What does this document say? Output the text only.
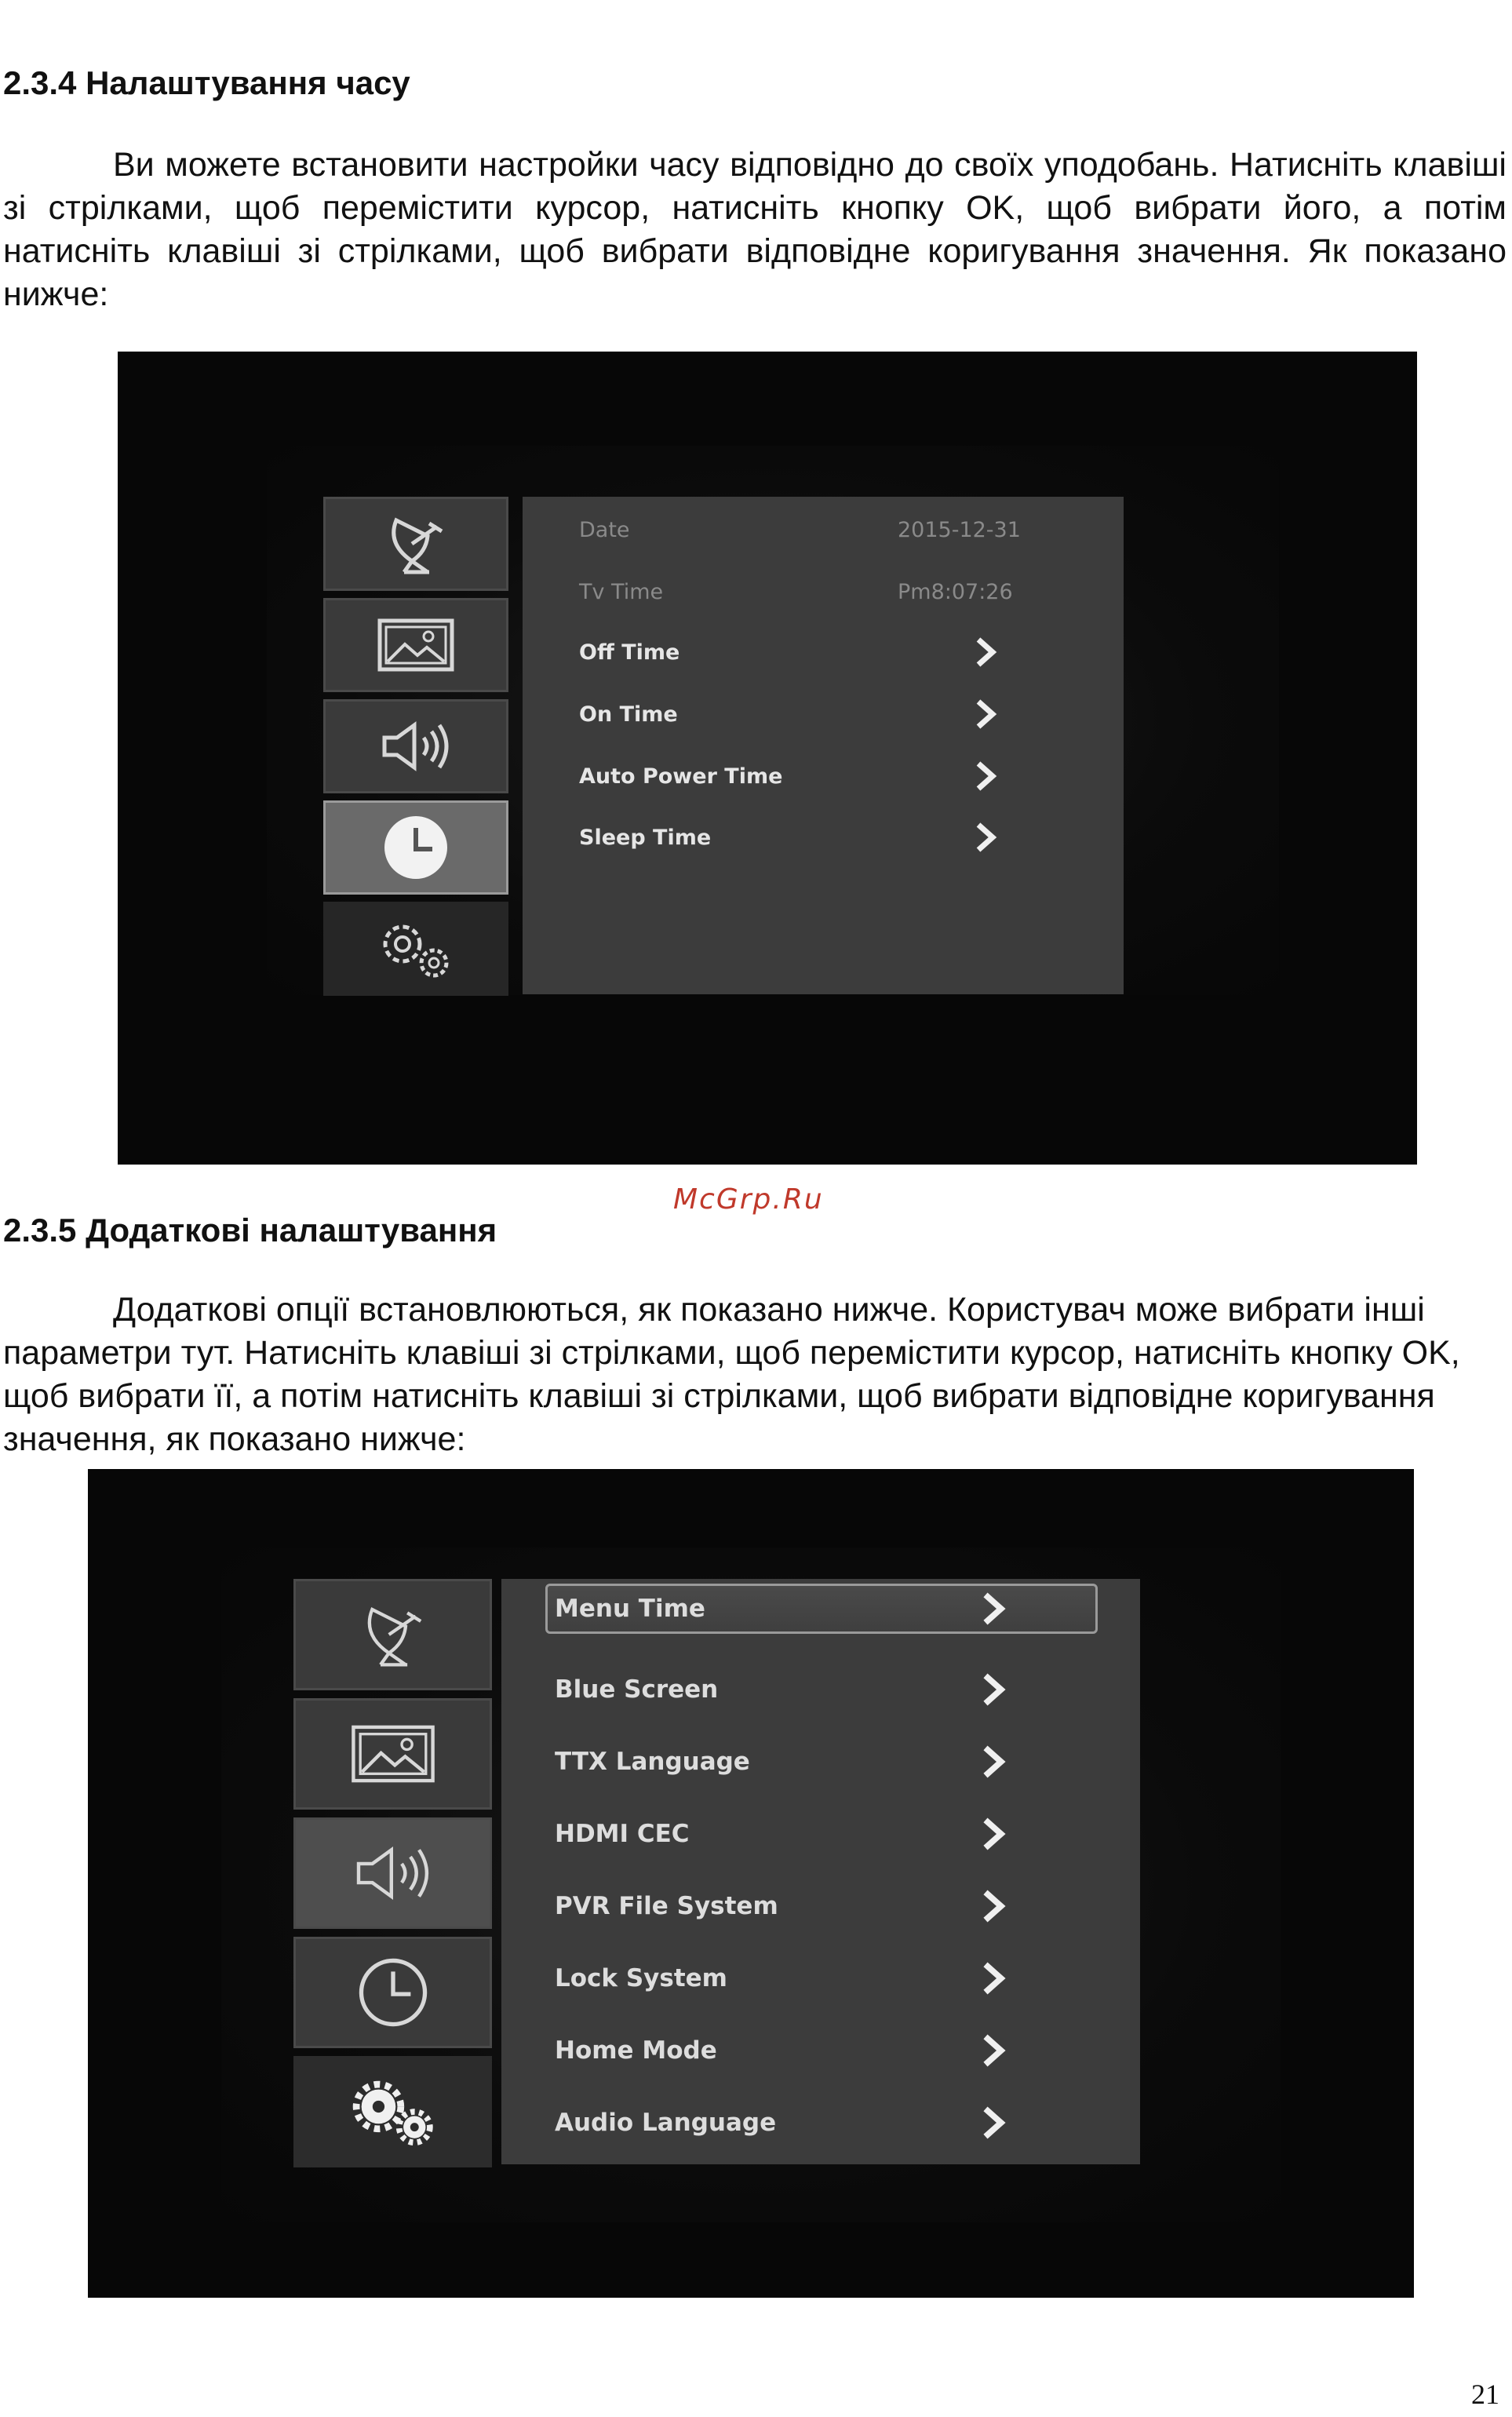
2.3.4 Налаштування часу

Ви можете встановити настройки часу відповідно до своїх уподобань. Натисніть клавіші зі стрілками, щоб перемістити курсор, натисніть кнопку OK, щоб вибрати його, а потім натисніть клавіші зі стрілками, щоб вибрати відповідне коригування значення. Як показано нижче:

Date	2015-12-31
Tv Time	Pm8:07:26
Off Time
On Time
Auto Power Time
Sleep Time
McGrp.Ru
2.3.5 Додаткові налаштування

Додаткові опції встановлюються, як показано нижче. Користувач може вибрати інші параметри тут. Натисніть клавіші зі стрілками, щоб перемістити курсор, натисніть кнопку OK, щоб вибрати її, а потім натисніть клавіші зі стрілками, щоб вибрати відповідне коригування значення, як показано нижче:

Menu Time
Blue Screen
TTX Language
HDMI CEC
PVR File System
Lock System
Home Mode
Audio Language
21
